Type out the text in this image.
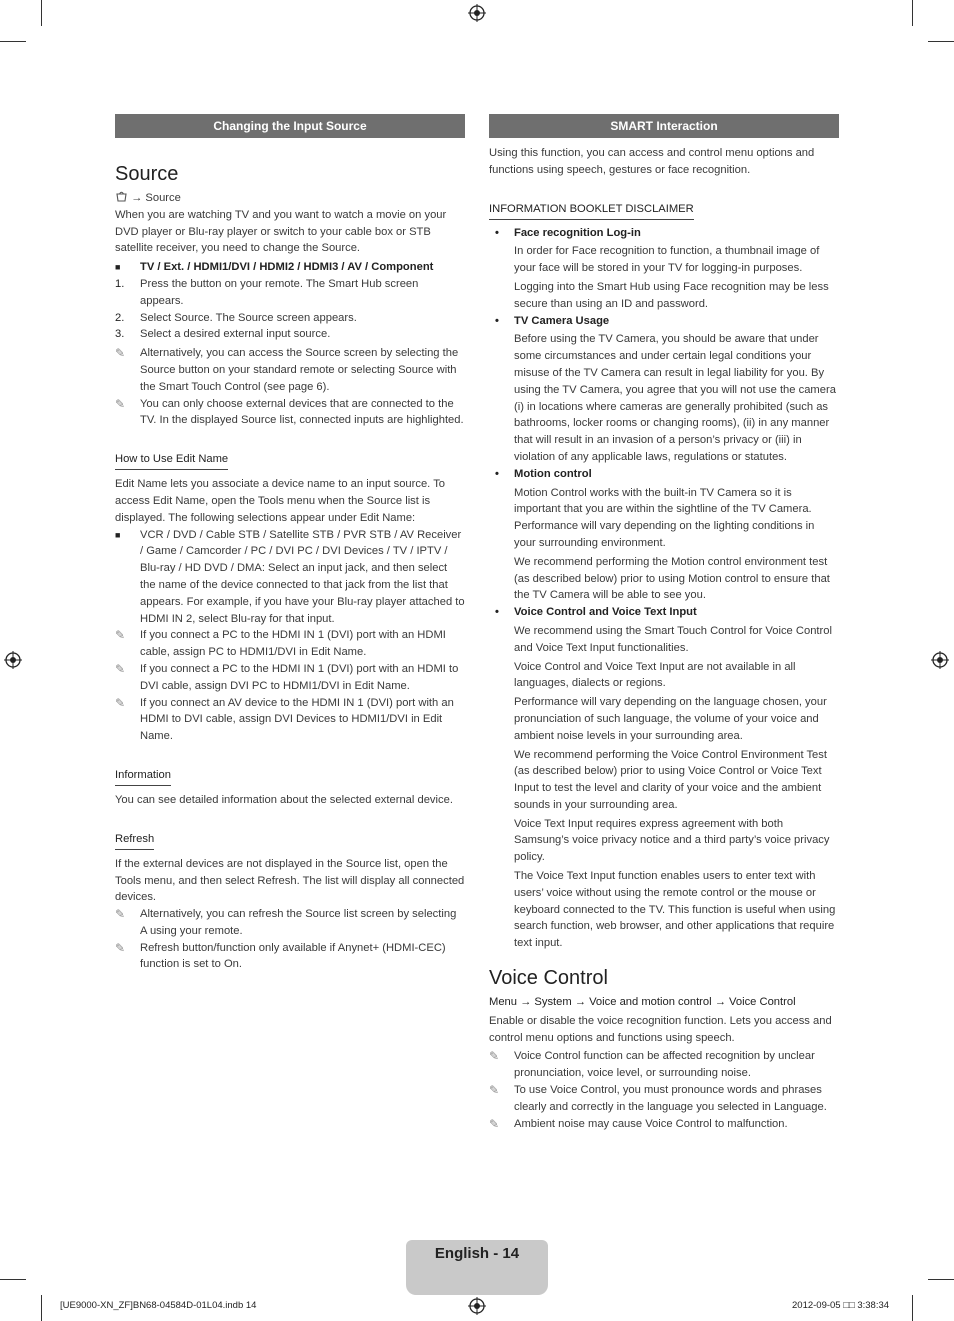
Changing the Input Source
Source

→ Source

When you are watching TV and you want to watch a movie on your DVD player or Blu-ray player or switch to your cable box or STB satellite receiver, you need to change the Source.

■	TV / Ext. / HDMI1/DVI / HDMI2 / HDMI3 / AV / Component
1.	Press the button on your remote. The Smart Hub screen appears.
2.	Select Source. The Source screen appears.
3.	Select a desired external input source.
✎	Alternatively, you can access the Source screen by selecting the Source button on your standard remote or selecting Source with the Smart Touch Control (see page 6).
✎	You can only choose external devices that are connected to the TV. In the displayed Source list, connected inputs are highlighted.
How to Use Edit Name

Edit Name lets you associate a device name to an input source. To access Edit Name, open the Tools menu when the Source list is displayed. The following selections appear under Edit Name:

■	VCR / DVD / Cable STB / Satellite STB / PVR STB / AV Receiver / Game / Camcorder / PC / DVI PC / DVI Devices / TV / IPTV / Blu-ray / HD DVD / DMA: Select an input jack, and then select the name of the device connected to that jack from the list that appears. For example, if you have your Blu-ray player attached to HDMI IN 2, select Blu-ray for that input.
✎	If you connect a PC to the HDMI IN 1 (DVI) port with an HDMI cable, assign PC to HDMI1/DVI in Edit Name.
✎	If you connect a PC to the HDMI IN 1 (DVI) port with an HDMI to DVI cable, assign DVI PC to HDMI1/DVI in Edit Name.
✎	If you connect an AV device to the HDMI IN 1 (DVI) port with an HDMI to DVI cable, assign DVI Devices to HDMI1/DVI in Edit Name.
Information

You can see detailed information about the selected external device.

Refresh

If the external devices are not displayed in the Source list, open the Tools menu, and then select Refresh. The list will display all connected devices.

✎	Alternatively, you can refresh the Source list screen by selecting A using your remote.
✎	Refresh button/function only available if Anynet+ (HDMI-CEC) function is set to On.
SMART Interaction

Using this function, you can access and control menu options and functions using speech, gestures or face recognition.

INFORMATION BOOKLET DISCLAIMER
• Face recognition Log-in

In order for Face recognition to function, a thumbnail image of your face will be stored in your TV for logging-in purposes.

Logging into the Smart Hub using Face recognition may be less secure than using an ID and password.

• TV Camera Usage

Before using the TV Camera, you should be aware that under some circumstances and under certain legal conditions your misuse of the TV Camera can result in legal liability for you. By using the TV Camera, you agree that you will not use the camera (i) in locations where cameras are generally prohibited (such as bathrooms, locker rooms or changing rooms), (ii) in any manner that will result in an invasion of a person’s privacy or (iii) in violation of any applicable laws, regulations or statutes.

• Motion control

Motion Control works with the built-in TV Camera so it is important that you are within the sightline of the TV Camera. Performance will vary depending on the lighting conditions in your surrounding environment.

We recommend performing the Motion control environment test (as described below) prior to using Motion control to ensure that the TV Camera will be able to see you.

• Voice Control and Voice Text Input

We recommend using the Smart Touch Control for Voice Control and Voice Text Input functionalities.

Voice Control and Voice Text Input are not available in all languages, dialects or regions.

Performance will vary depending on the language chosen, your pronunciation of such language, the volume of your voice and ambient noise levels in your surrounding area.

We recommend performing the Voice Control Environment Test (as described below) prior to using Voice Control or Voice Text Input to test the level and clarity of your voice and the ambient sounds in your surrounding area.

Voice Text Input requires express agreement with both Samsung’s voice privacy notice and a third party’s voice privacy policy.

The Voice Text Input function enables users to enter text with users’ voice without using the remote control or the mouse or keyboard connected to the TV. This function is useful when using search function, web browser, and other applications that require text input.

Voice Control

Menu → System → Voice and motion control → Voice Control

Enable or disable the voice recognition function. Lets you access and control menu options and functions using speech.

✎	Voice Control function can be affected recognition by unclear pronunciation, voice level, or surrounding noise.
✎	To use Voice Control, you must pronounce words and phrases clearly and correctly in the language you selected in Language.
✎	Ambient noise may cause Voice Control to malfunction.
English - 14
[UE9000-XN_ZF]BN68-04584D-01L04.indb 14	2012-09-05 □□ 3:38:34
